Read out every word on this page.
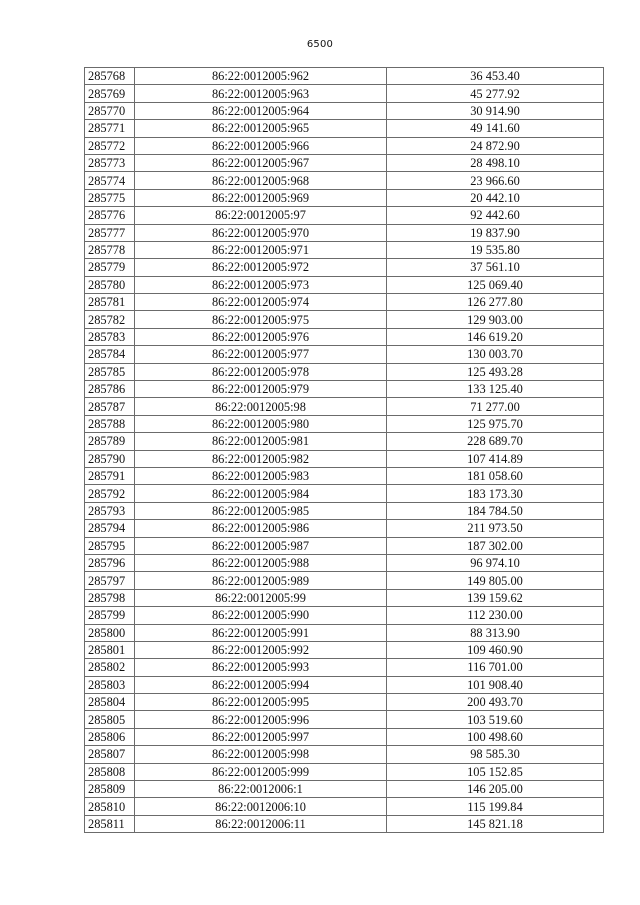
6500
285768	86:22:0012005:962	36 453.40
285769	86:22:0012005:963	45 277.92
285770	86:22:0012005:964	30 914.90
285771	86:22:0012005:965	49 141.60
285772	86:22:0012005:966	24 872.90
285773	86:22:0012005:967	28 498.10
285774	86:22:0012005:968	23 966.60
285775	86:22:0012005:969	20 442.10
285776	86:22:0012005:97	92 442.60
285777	86:22:0012005:970	19 837.90
285778	86:22:0012005:971	19 535.80
285779	86:22:0012005:972	37 561.10
285780	86:22:0012005:973	125 069.40
285781	86:22:0012005:974	126 277.80
285782	86:22:0012005:975	129 903.00
285783	86:22:0012005:976	146 619.20
285784	86:22:0012005:977	130 003.70
285785	86:22:0012005:978	125 493.28
285786	86:22:0012005:979	133 125.40
285787	86:22:0012005:98	71 277.00
285788	86:22:0012005:980	125 975.70
285789	86:22:0012005:981	228 689.70
285790	86:22:0012005:982	107 414.89
285791	86:22:0012005:983	181 058.60
285792	86:22:0012005:984	183 173.30
285793	86:22:0012005:985	184 784.50
285794	86:22:0012005:986	211 973.50
285795	86:22:0012005:987	187 302.00
285796	86:22:0012005:988	96 974.10
285797	86:22:0012005:989	149 805.00
285798	86:22:0012005:99	139 159.62
285799	86:22:0012005:990	112 230.00
285800	86:22:0012005:991	88 313.90
285801	86:22:0012005:992	109 460.90
285802	86:22:0012005:993	116 701.00
285803	86:22:0012005:994	101 908.40
285804	86:22:0012005:995	200 493.70
285805	86:22:0012005:996	103 519.60
285806	86:22:0012005:997	100 498.60
285807	86:22:0012005:998	98 585.30
285808	86:22:0012005:999	105 152.85
285809	86:22:0012006:1	146 205.00
285810	86:22:0012006:10	115 199.84
285811	86:22:0012006:11	145 821.18
